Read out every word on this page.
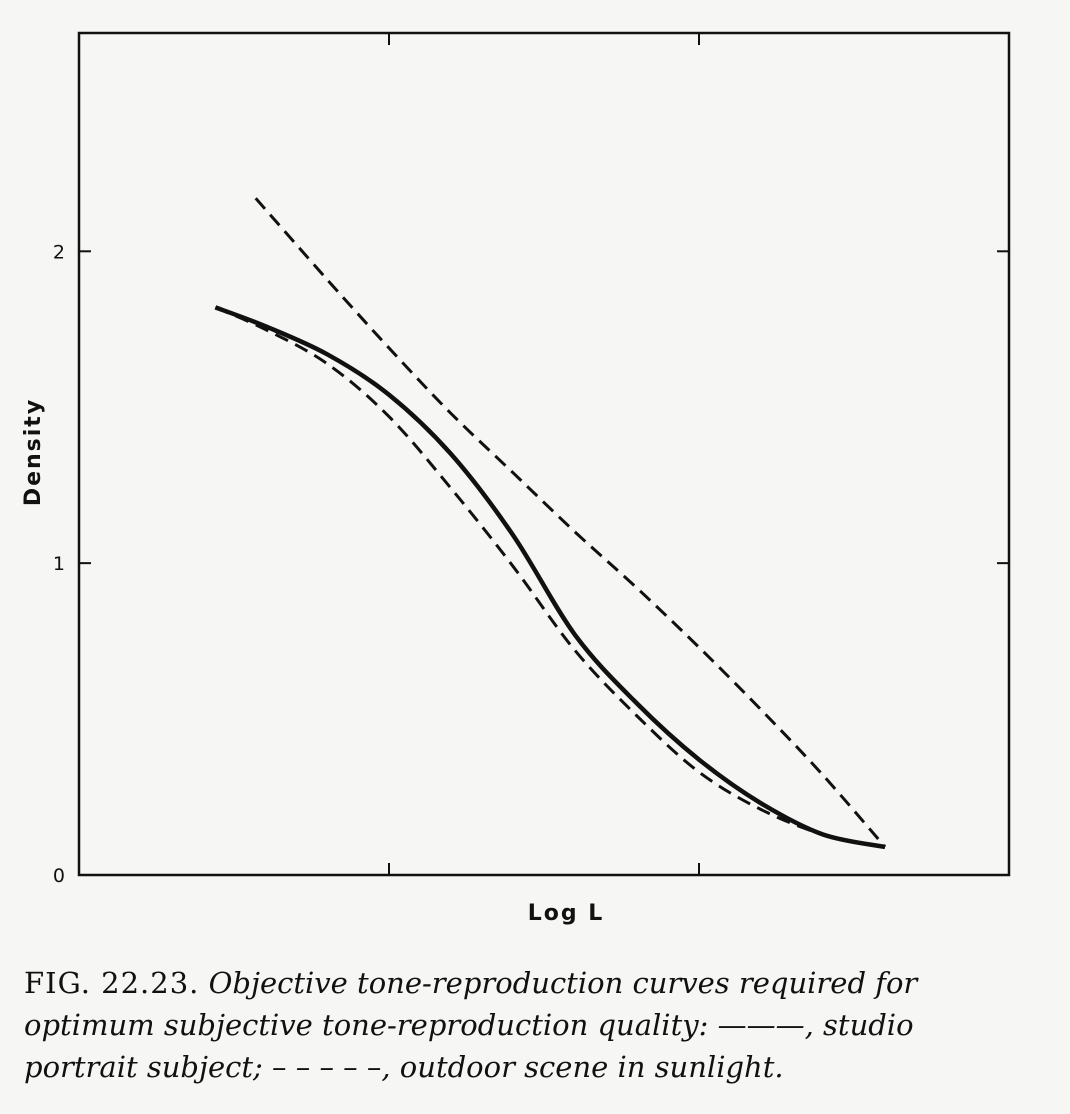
0
1
2
Density
Log L
FIG. 22.23. Objective tone-reproduction curves required for optimum subjective tone-reproduction quality: ———, studio portrait subject; – – – – –, outdoor scene in sunlight.
